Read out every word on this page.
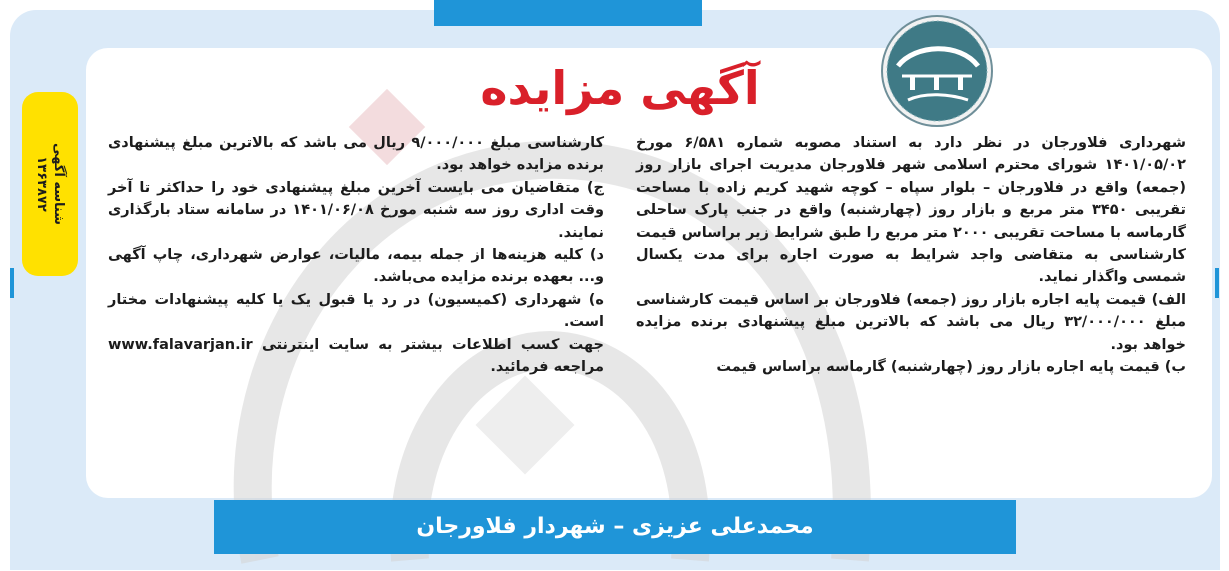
آگهی مزایده

شهرداری فلاورجان در نظر دارد به استناد مصوبه شماره ۶/۵۸۱ مورخ ۱۴۰۱/۰۵/۰۲ شورای محترم اسلامی شهر فلاورجان مدیریت اجرای بازار روز (جمعه) واقع در فلاورجان – بلوار سپاه – کوچه شهید کریم زاده با مساحت تقریبی ۳۴۵۰ متر مربع و بازار روز (چهارشنبه) واقع در جنب پارک ساحلی گارماسه با مساحت تقریبی ۲۰۰۰ متر مربع را طبق شرایط زیر براساس قیمت کارشناسی به متقاضی واجد شرایط به صورت اجاره برای مدت یکسال شمسی واگذار نماید.

الف) قیمت پایه اجاره بازار روز (جمعه) فلاورجان بر اساس قیمت کارشناسی مبلغ ۳۲/۰۰۰/۰۰۰ ریال می باشد که بالاترین مبلغ پیشنهادی برنده مزایده خواهد بود.

ب) قیمت پایه اجاره بازار روز (چهارشنبه) گارماسه براساس قیمت

کارشناسی مبلغ ۹/۰۰۰/۰۰۰ ریال می باشد که بالاترین مبلغ پیشنهادی برنده مزایده خواهد بود.

ج) متقاضیان می بایست آخرین مبلغ پیشنهادی خود را حداکثر تا آخر وقت اداری روز سه شنبه مورخ ۱۴۰۱/۰۶/۰۸ در سامانه ستاد بارگذاری نمایند.

د) کلیه هزینه‌ها از جمله بیمه، مالیات، عوارض شهرداری، چاپ آگهی و... بعهده برنده مزایده می‌باشد.

ه) شهرداری (کمیسیون) در رد یا قبول یک یا کلیه پیشنهادات مختار است.

جهت کسب اطلاعات بیشتر به سایت اینترنتی www.falavarjan.ir مراجعه فرمائید.

شناسه آگهی
۱۳۶۳۸۷۲
محمدعلی عزیزی – شهردار فلاورجان
